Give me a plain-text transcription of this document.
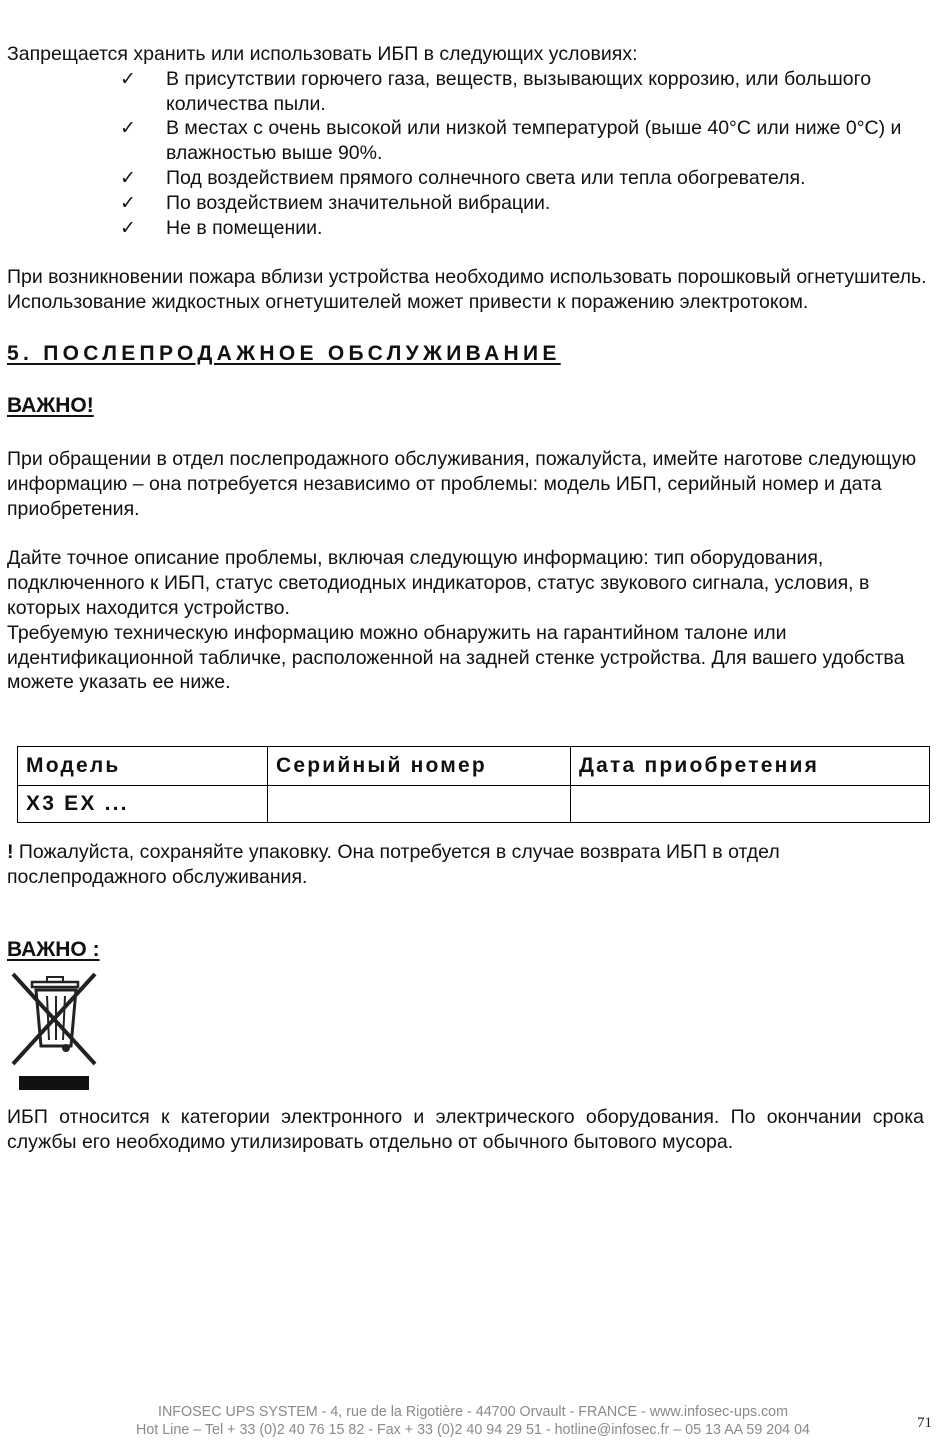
Запрещается хранить или использовать ИБП в следующих условиях:

✓ В присутствии горючего газа, веществ, вызывающих коррозию, или большого количества пыли.
✓ В местах с очень высокой или низкой температурой (выше 40°C или ниже 0°C) и влажностью выше 90%.
✓ Под воздействием прямого солнечного света или тепла обогревателя.
✓ По воздействием значительной вибрации.
✓ Не в помещении.

При возникновении пожара вблизи устройства необходимо использовать порошковый огнетушитель. Использование жидкостных огнетушителей может привести к поражению электротоком.

5. ПОСЛЕПРОДАЖНОЕ ОБСЛУЖИВАНИЕ
ВАЖНО!

При обращении в отдел послепродажного обслуживания, пожалуйста, имейте наготове следующую информацию – она потребуется независимо от проблемы: модель ИБП, серийный номер и дата приобретения.

Дайте точное описание проблемы, включая следующую информацию: тип оборудования, подключенного к ИБП, статус светодиодных индикаторов, статус звукового сигнала, условия, в которых находится устройство.

Требуемую техническую информацию можно обнаружить на гарантийном талоне или идентификационной табличке, расположенной на задней стенке устройства. Для вашего удобства можете указать ее ниже.

Модель	Серийный номер	Дата приобретения
X3 EX ...		

! Пожалуйста, сохраняйте упаковку. Она потребуется в случае возврата ИБП в отдел послепродажного обслуживания.

ВАЖНО :

ИБП относится к категории электронного и электрического оборудования. По окончании срока службы его необходимо утилизировать отдельно от обычного бытового мусора.

INFOSEC UPS SYSTEM - 4, rue de la Rigotière - 44700 Orvault - FRANCE - www.infosec-ups.com
Hot Line – Tel + 33 (0)2 40 76 15 82 - Fax + 33 (0)2 40 94 29 51 - hotline@infosec.fr – 05 13 AA 59 204 04	71
